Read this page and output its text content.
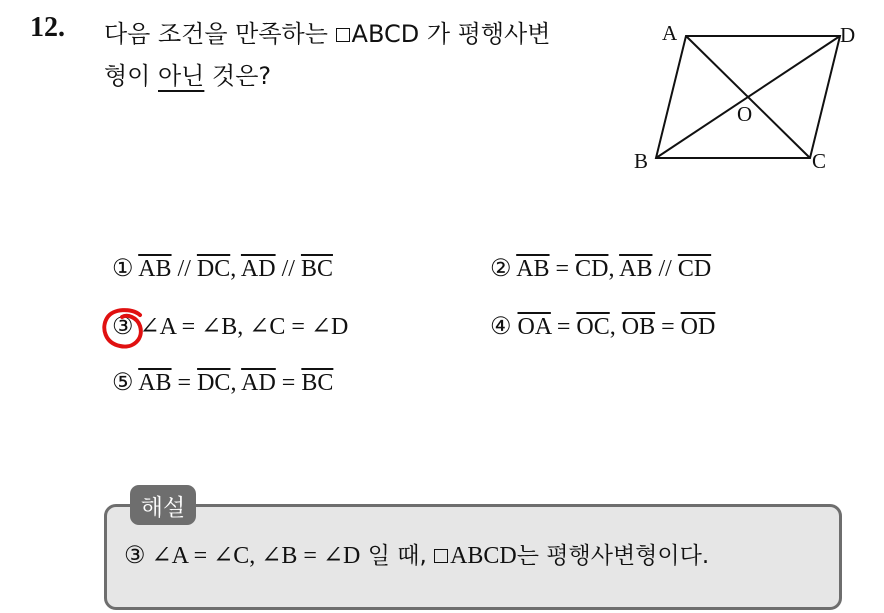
12. 다음 조건을 만족하는 ABCD 가 평행사변
형이 아닌 것은?
A	D
B	C
O
① $\overline{AB} // \overline{DC}$, $\overline{AD} // \overline{BC}$	② $\overline{AB} = \overline{CD}$, $\overline{AB} // \overline{CD}$
③ ∠A = ∠B, ∠C = ∠D	④ $\overline{OA} = \overline{OC}$, $\overline{OB} = \overline{OD}$
⑤ $\overline{AB} = \overline{DC}$, $\overline{AD} = \overline{BC}$
해설
③ ∠A = ∠C, ∠B = ∠D 일 때, ABCD는 평행사변형이다.
